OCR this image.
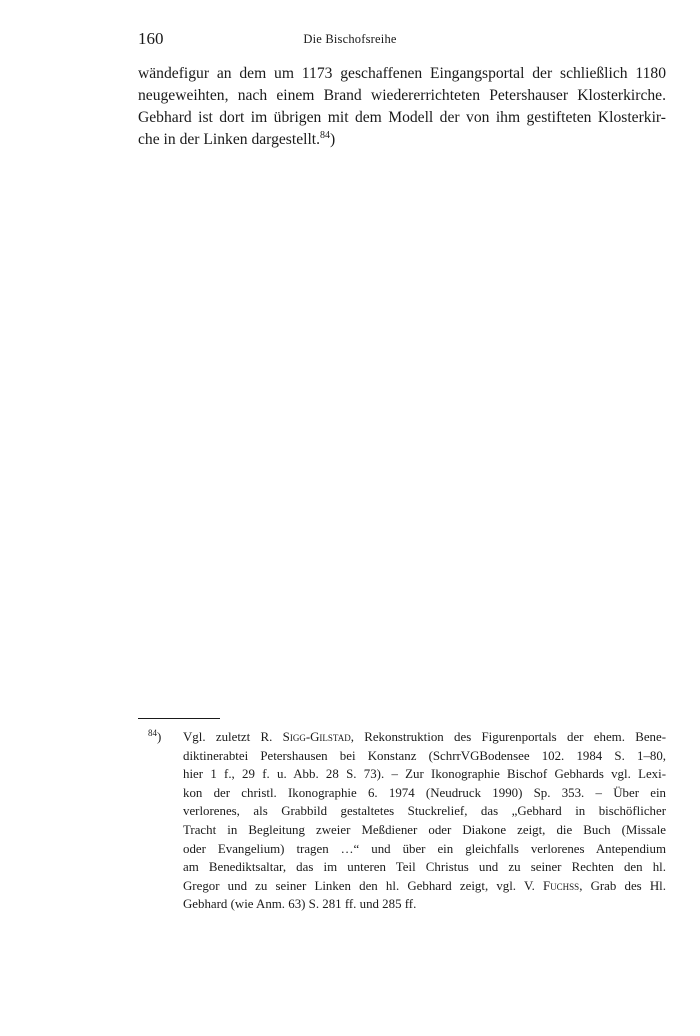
160	Die Bischofsreihe
wändefigur an dem um 1173 geschaffenen Eingangsportal der schließlich 1180
neugeweihten, nach einem Brand wiedererrichteten Petershauser Klosterkirche.
Gebhard ist dort im übrigen mit dem Modell der von ihm gestifteten Klosterkir-
che in der Linken dargestellt.$^{84}$)
$^{84}$) Vgl. zuletzt R. Sigg-Gilstad, Rekonstruktion des Figurenportals der ehem. Bene-
diktinerabtei Petershausen bei Konstanz (SchrrVGBodensee 102. 1984 S. 1–80,
hier 1 f., 29 f. u. Abb. 28 S. 73). – Zur Ikonographie Bischof Gebhards vgl. Lexi-
kon der christl. Ikonographie 6. 1974 (Neudruck 1990) Sp. 353. – Über ein
verlorenes, als Grabbild gestaltetes Stuckrelief, das „Gebhard in bischöflicher
Tracht in Begleitung zweier Meßdiener oder Diakone zeigt, die Buch (Missale
oder Evangelium) tragen …“ und über ein gleichfalls verlorenes Antependium
am Benediktsaltar, das im unteren Teil Christus und zu seiner Rechten den hl.
Gregor und zu seiner Linken den hl. Gebhard zeigt, vgl. V. Fuchss, Grab des Hl.
Gebhard (wie Anm. 63) S. 281 ff. und 285 ff.
